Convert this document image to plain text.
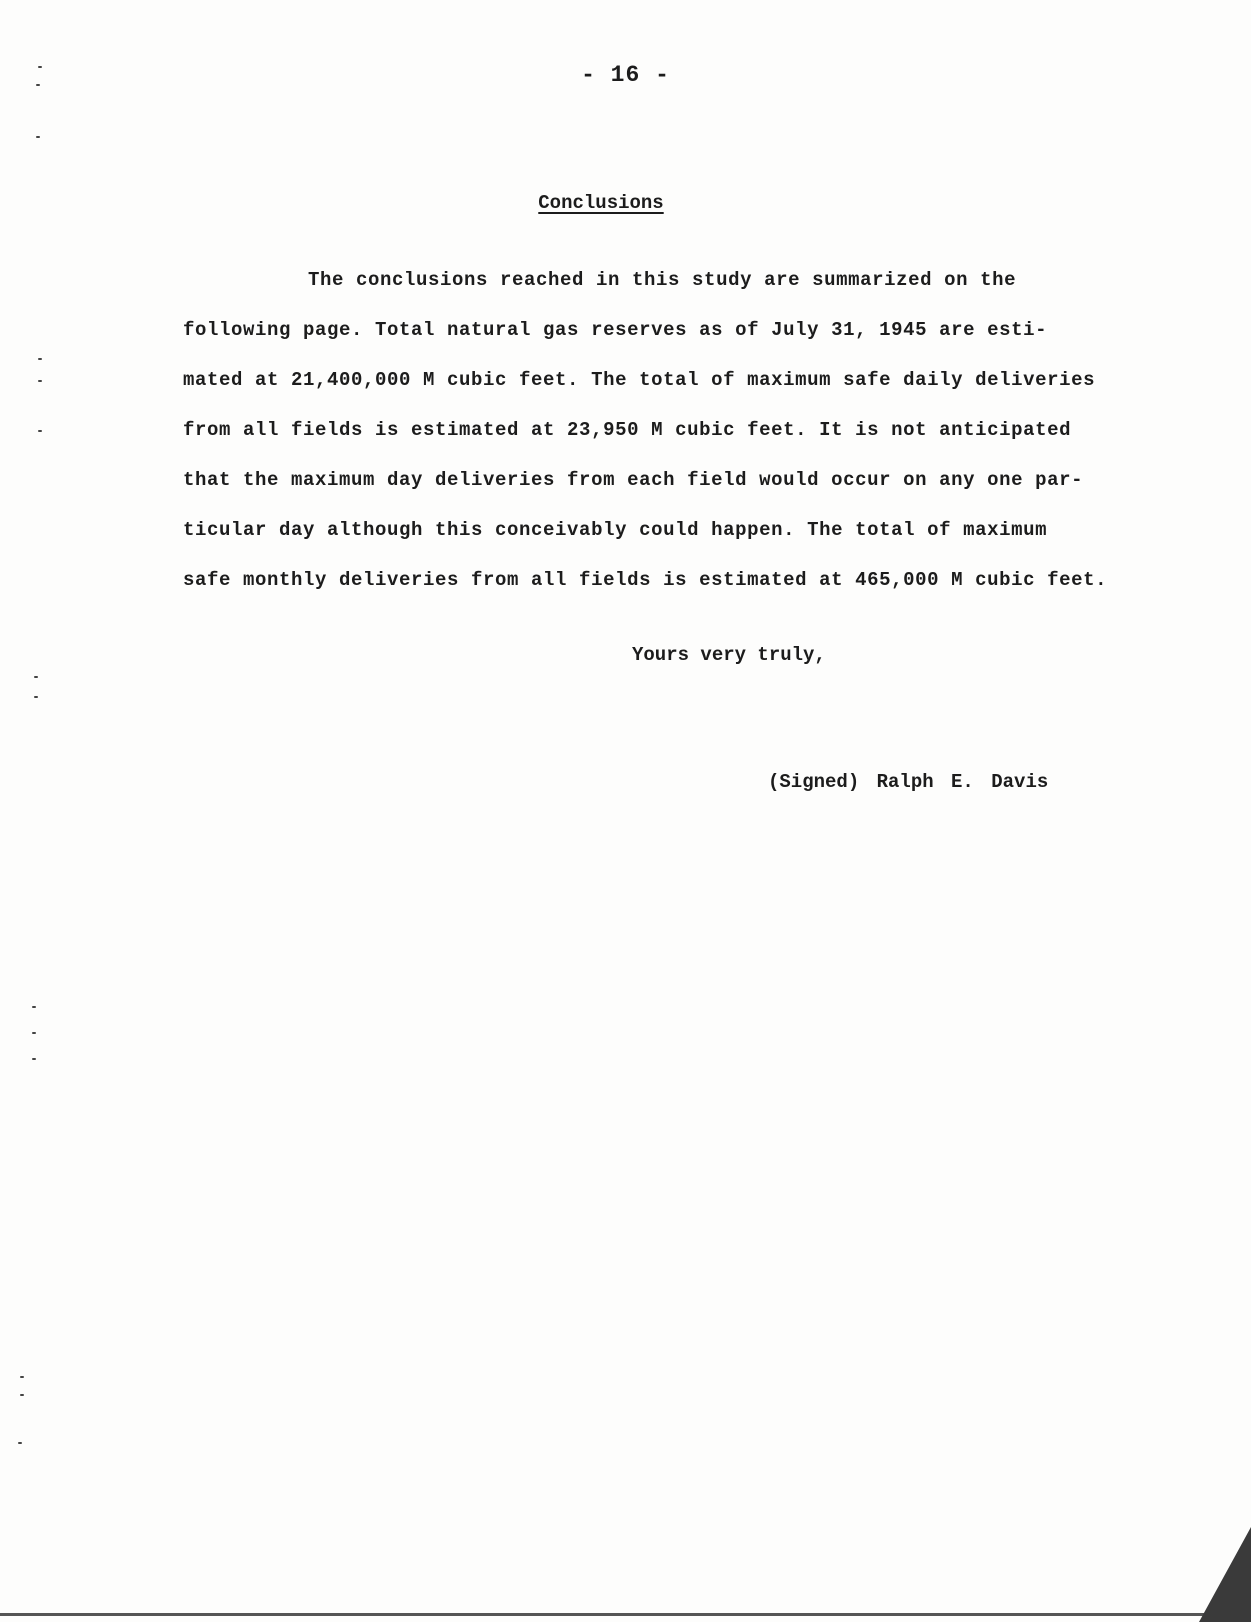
- 16 -
Conclusions
The conclusions reached in this study are summarized on the
following page. Total natural gas reserves as of July 31, 1945 are esti-
mated at 21,400,000 M cubic feet. The total of maximum safe daily deliveries
from all fields is estimated at 23,950 M cubic feet. It is not anticipated
that the maximum day deliveries from each field would occur on any one par-
ticular day although this conceivably could happen. The total of maximum
safe monthly deliveries from all fields is estimated at 465,000 M cubic feet.
Yours very truly,
(Signed) Ralph E. Davis
